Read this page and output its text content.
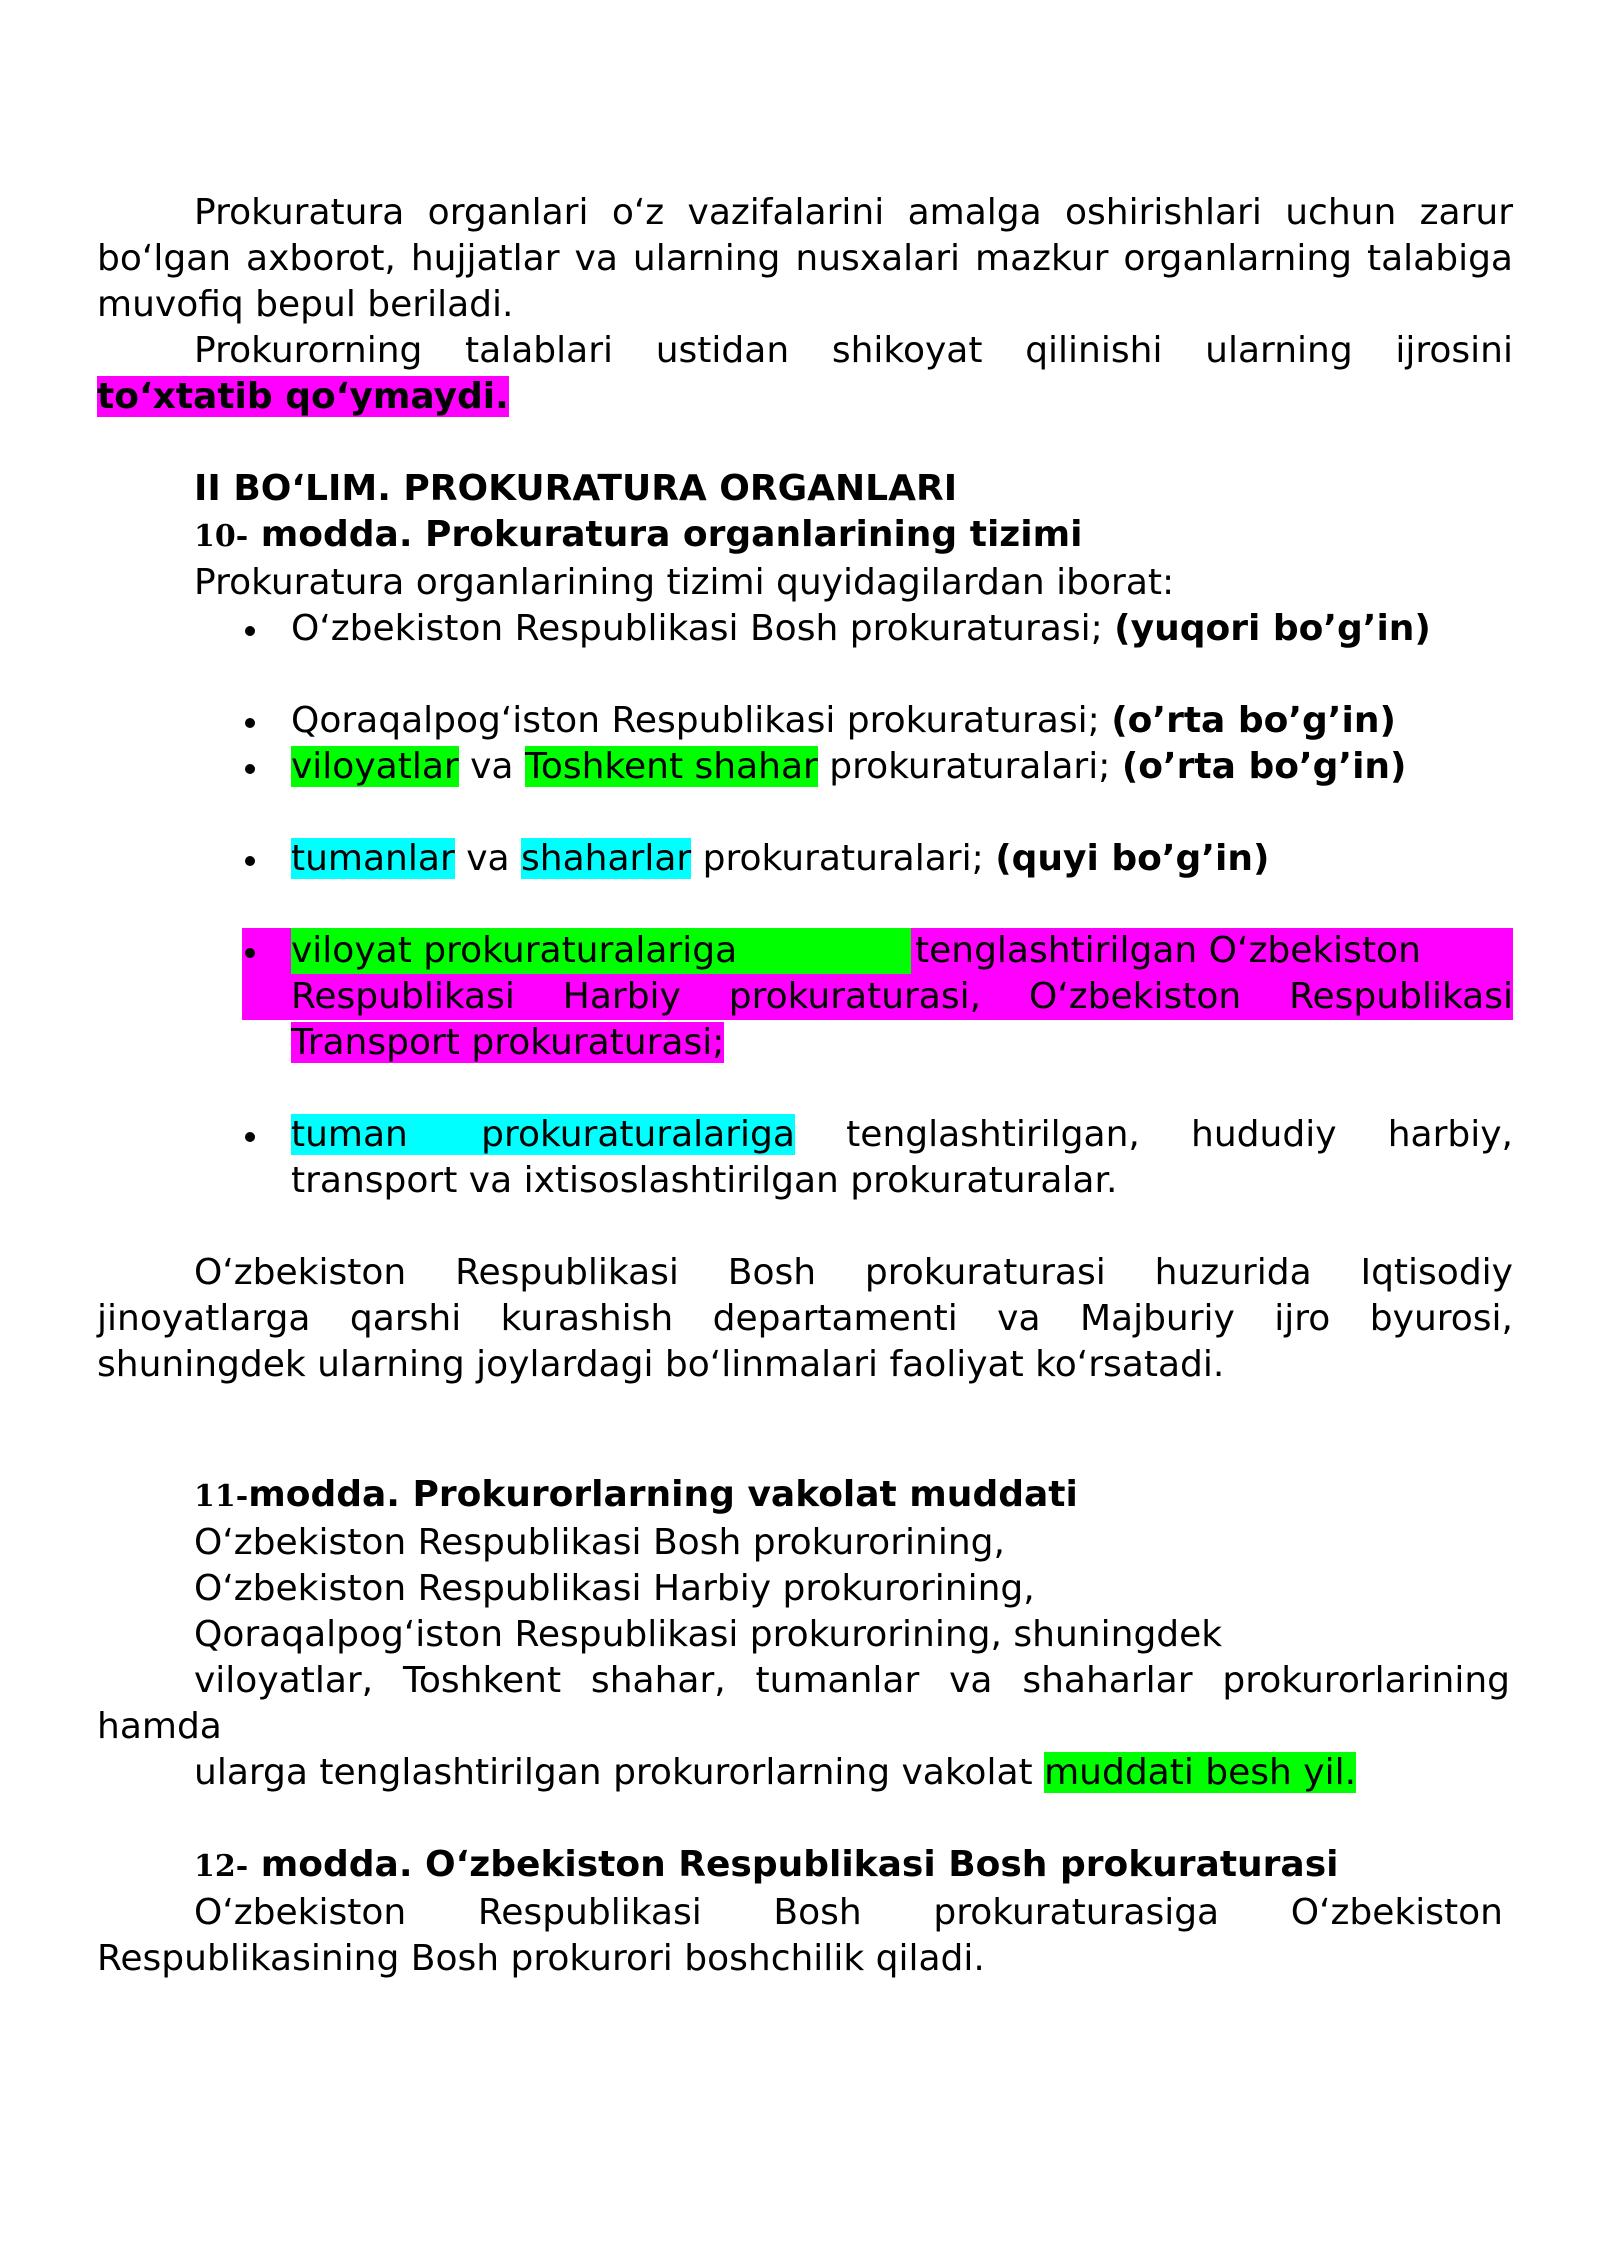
Prokuratura organlari o‘z vazifalarini amalga oshirishlari uchun zarur bo‘lgan axborot, hujjatlar va ularning nusxalari mazkur organlarning talabiga muvofiq bepul beriladi.

Prokurorning talablari ustidan shikoyat qilinishi ularning ijrosini

to‘xtatib qo‘ymaydi.

II BO‘LIM. PROKURATURA ORGANLARI

10- modda. Prokuratura organlarining tizimi

Prokuratura organlarining tizimi quyidagilardan iborat:

O‘zbekiston Respublikasi Bosh prokuraturasi; (yuqori bo’g’in)
Qoraqalpog‘iston Respublikasi prokuraturasi; (o’rta bo’g’in)
viloyatlar va Toshkent shahar prokuraturalari; (o’rta bo’g’in)
tumanlar va shaharlar prokuraturalari; (quyi bo’g’in)

viloyat prokuraturalariga	tenglashtirilgan O‘zbekiston

Respublikasi Harbiy prokuraturasi, O‘zbekiston Respublikasi

Transport prokuraturasi;

tuman prokuraturalariga tenglashtirilgan, hududiy harbiy,

transport va ixtisoslashtirilgan prokuraturalar.

O‘zbekiston Respublikasi Bosh prokuraturasi huzurida Iqtisodiy jinoyatlarga qarshi kurashish departamenti va Majburiy ijro byurosi, shuningdek ularning joylardagi bo‘linmalari faoliyat ko‘rsatadi.

11-modda. Prokurorlarning vakolat muddati

O‘zbekiston Respublikasi Bosh prokurorining,

O‘zbekiston Respublikasi Harbiy prokurorining,

Qoraqalpog‘iston Respublikasi prokurorining, shuningdek

viloyatlar, Toshkent shahar, tumanlar va shaharlar prokurorlarining

hamda

ularga tenglashtirilgan prokurorlarning vakolat muddati besh yil.

12- modda. O‘zbekiston Respublikasi Bosh prokuraturasi

O‘zbekiston Respublikasi Bosh prokuraturasiga O‘zbekiston Respublikasining Bosh prokurori boshchilik qiladi.
